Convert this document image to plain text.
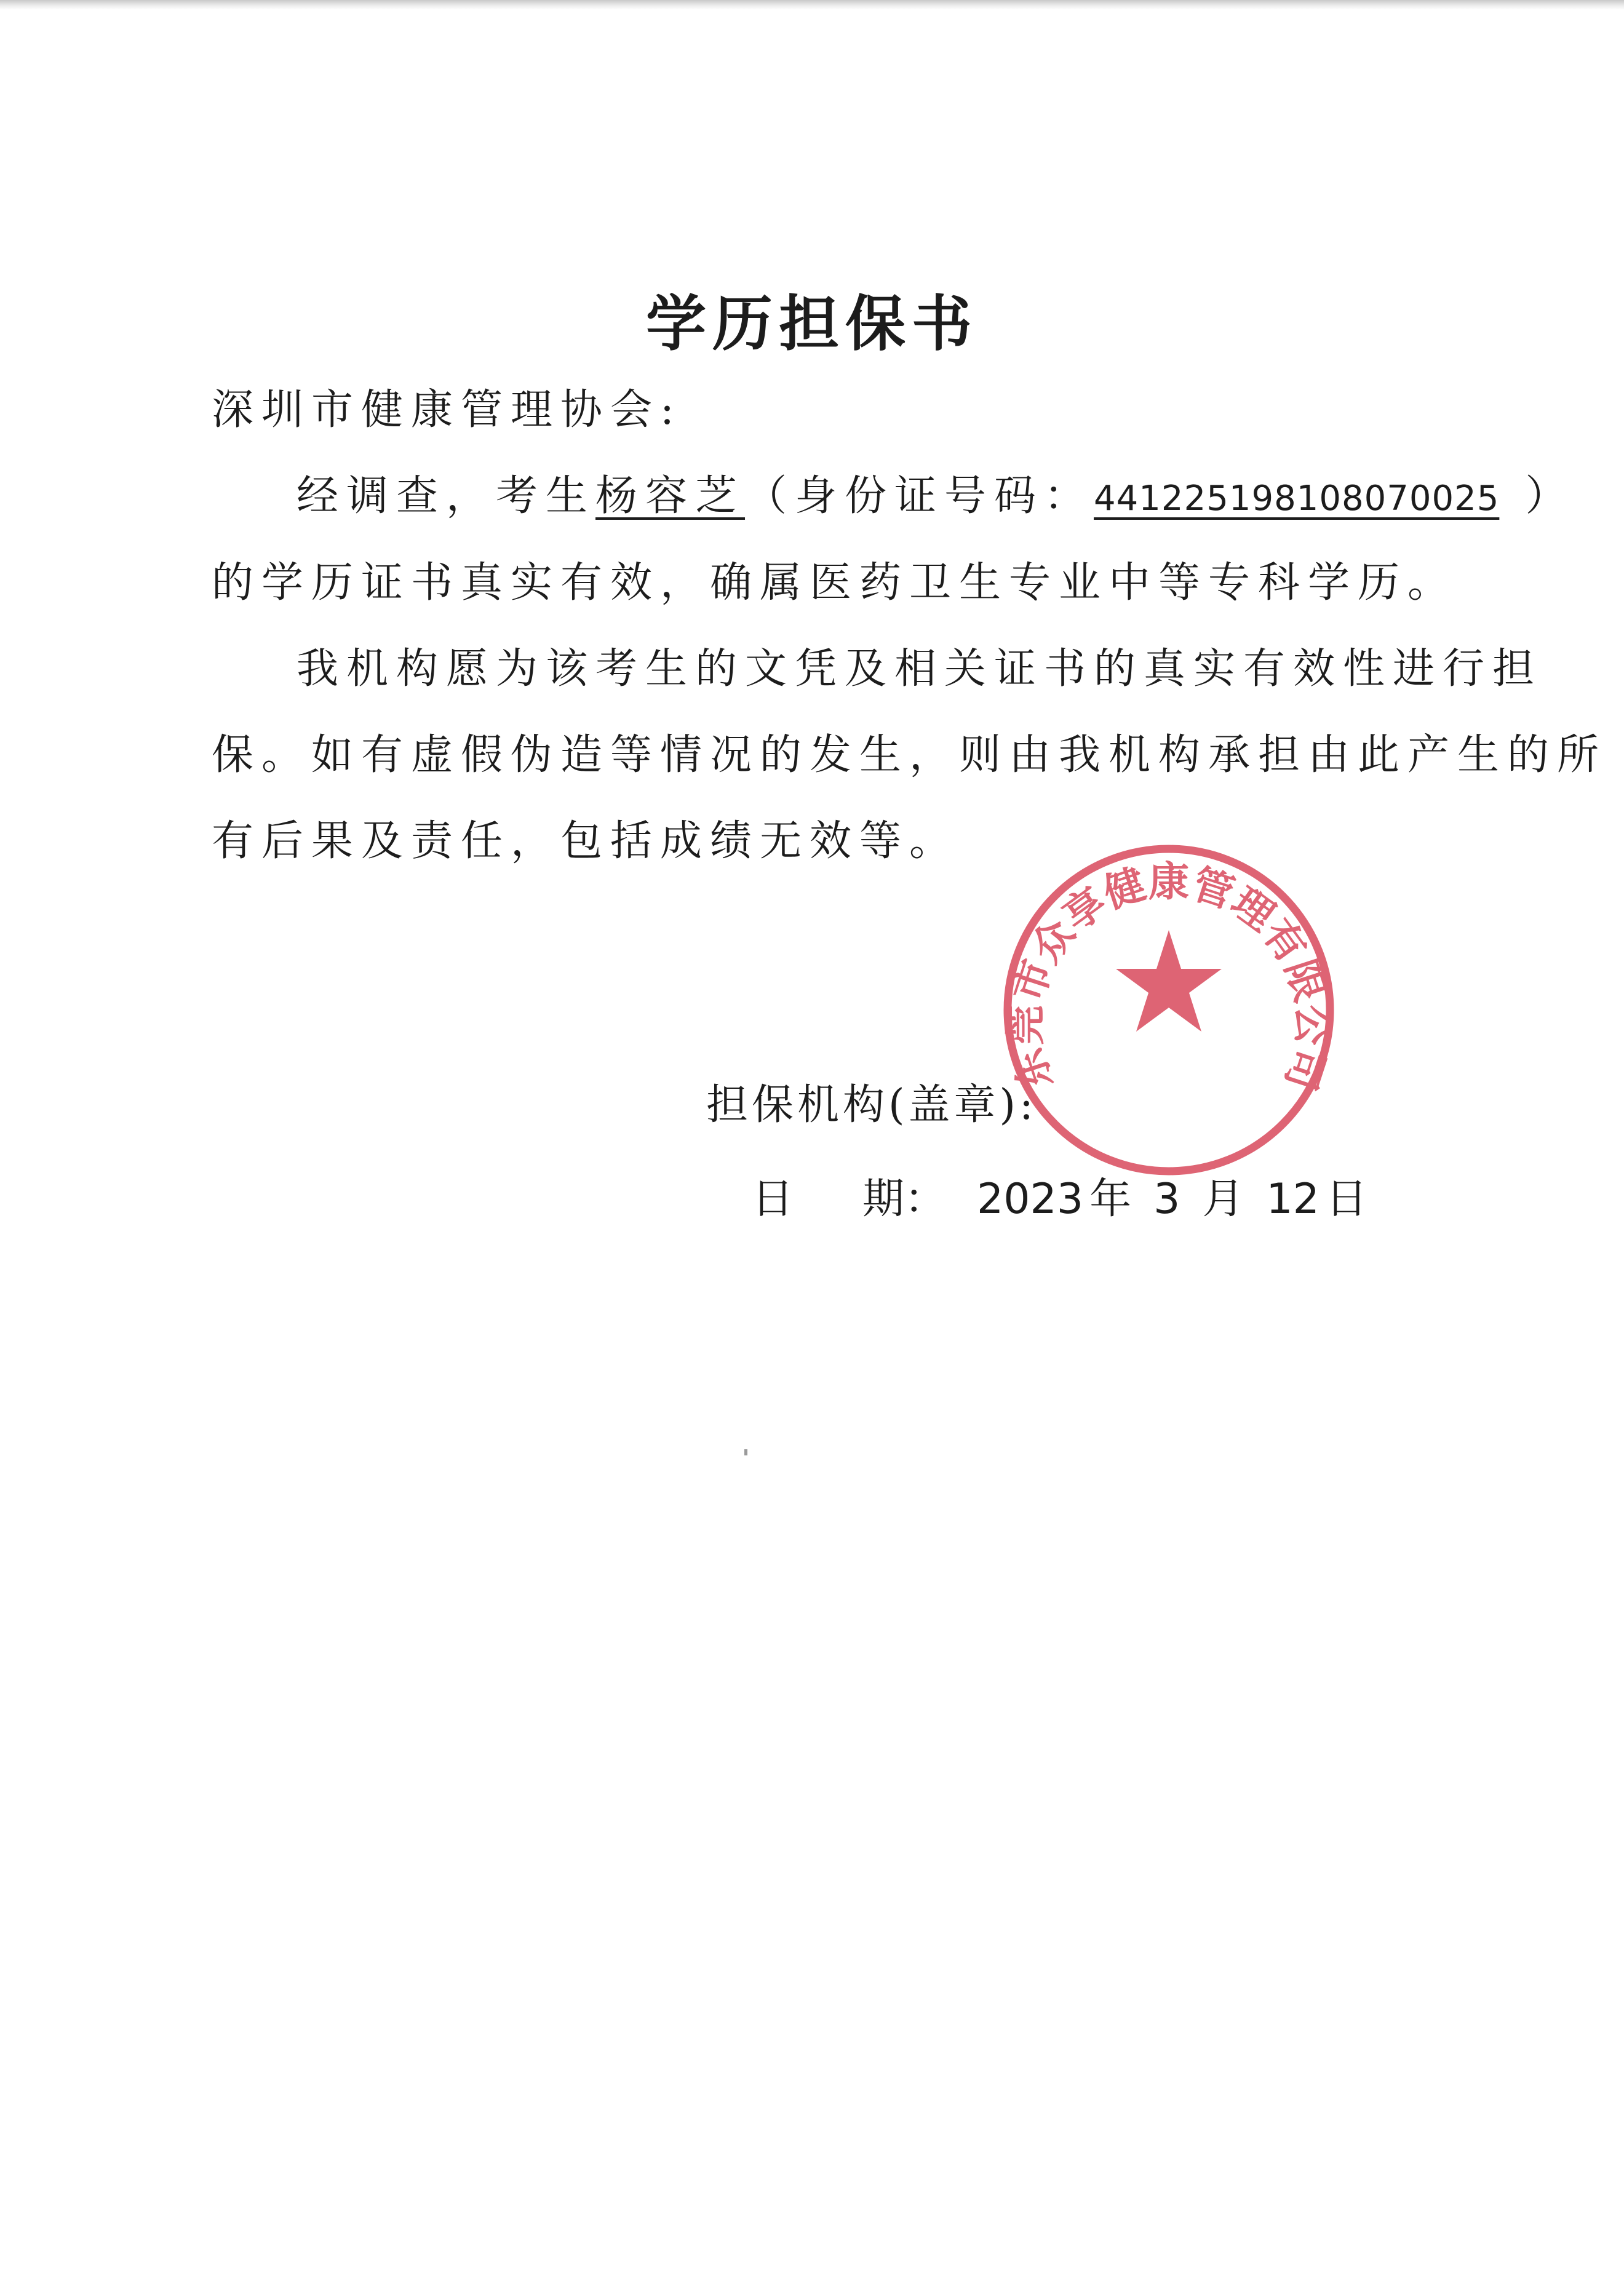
学历担保书
深圳市健康管理协会:
经调查，考生杨容芝（身份证号码：441225198108070025 ）
的学历证书真实有效，确属医药卫生专业中等专科学历。
我机构愿为该考生的文凭及相关证书的真实有效性进行担
保。如有虚假伪造等情况的发生，则由我机构承担由此产生的所
有后果及责任，包括成绩无效等。
担保机构(盖章):
日 期： 2023 年 3 月 12 日
东莞市众享健康管理有限公司
